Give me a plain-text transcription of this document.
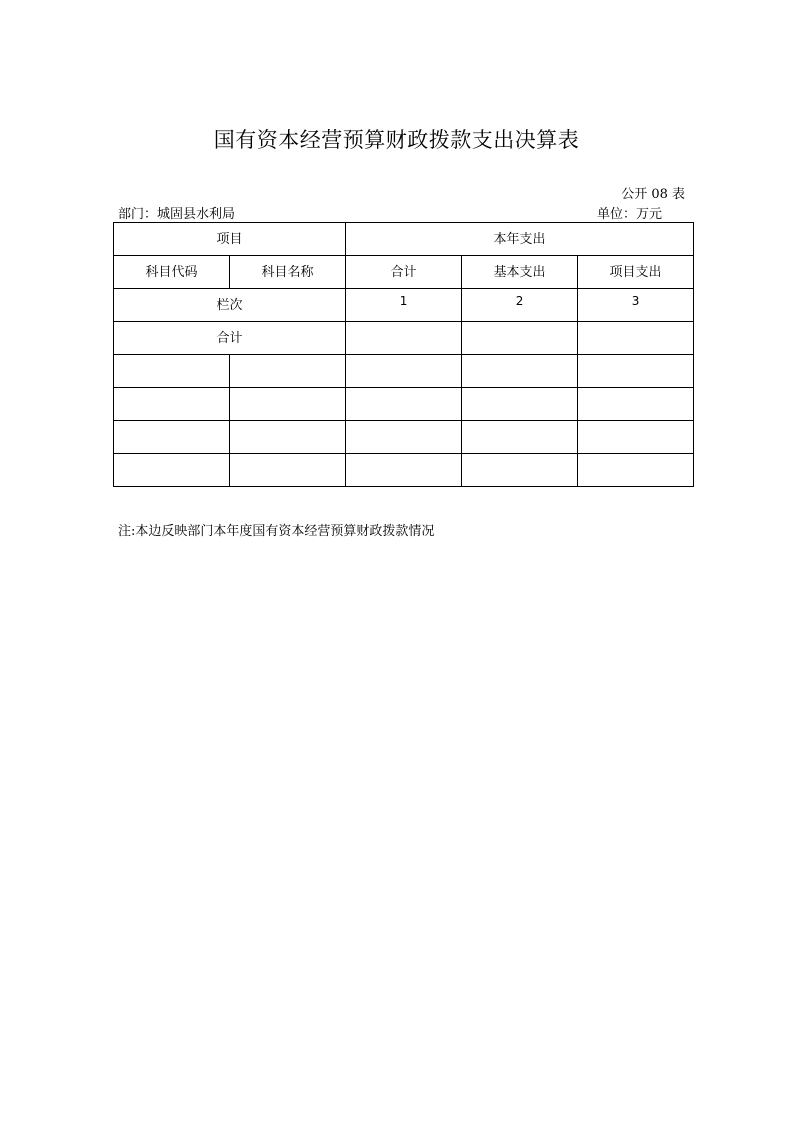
国有资本经营预算财政拨款支出决算表
公开 08 表
部门：城固县水利局	单位：万元
项目		本年支出		
科目代码	科目名称	合计	基本支出	项目支出
栏次		1	2	3
合计				

注:本边反映部门本年度国有资本经营预算财政拨款情况
